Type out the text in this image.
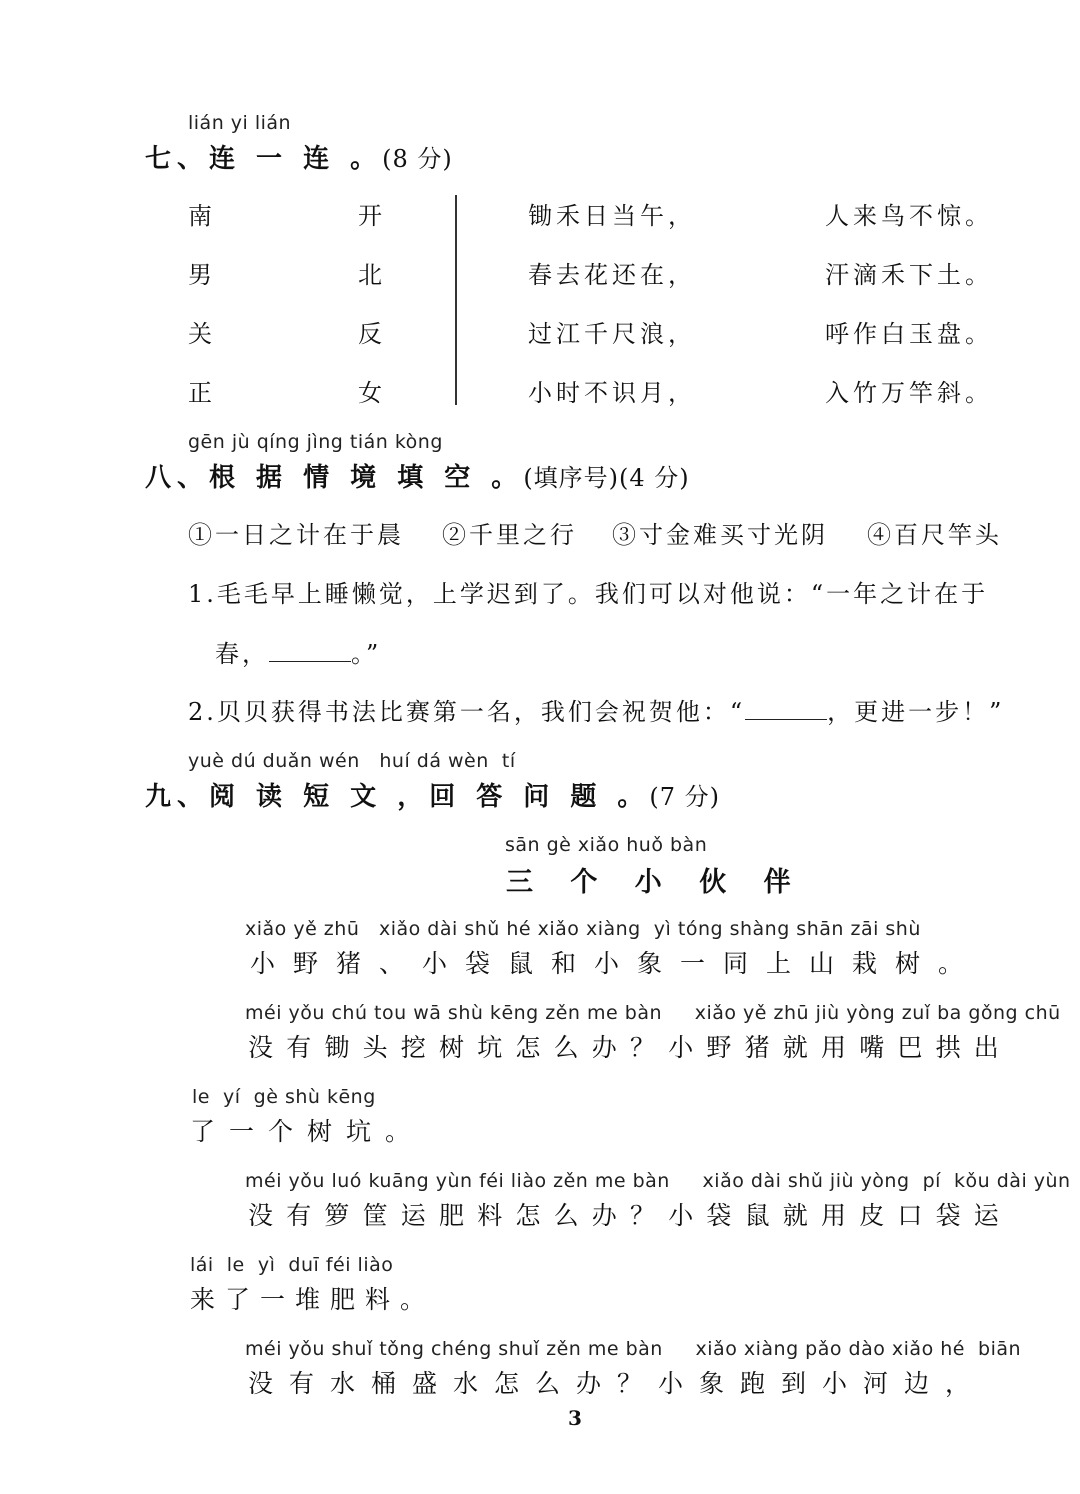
lián yi lián
七、连 一 连 。(8 分)
南
男
关
正
开
北
反
女
锄禾日当午，
春去花还在，
过江千尺浪，
小时不识月，
人来鸟不惊。
汗滴禾下土。
呼作白玉盘。
入竹万竿斜。
gēn jù qíng jìng tián kòng
八、根 据 情 境 填 空 。(填序号)(4 分)
①一日之计在于晨 ②千里之行 ③寸金难买寸光阴 ④百尺竿头
1.毛毛早上睡懒觉，上学迟到了。我们可以对他说：“一年之计在于
春，	。”
2.贝贝获得书法比赛第一名，我们会祝贺他：“	，更进一步！”
yuè dú duǎn wén   huí dá wèn  tí
九、阅 读 短 文 ，回 答 问 题 。(7 分)
sān gè xiǎo huǒ bàn
三 个 小 伙 伴
xiǎo yě zhū   xiǎo dài shǔ hé xiǎo xiàng  yì tóng shàng shān zāi shù
小野猪、小袋鼠和小象一同上山栽树。
méi yǒu chú tou wā shù kēng zěn me bàn     xiǎo yě zhū jiù yòng zuǐ ba gǒng chū
没有锄头挖树坑怎么办？小野猪就用嘴巴拱出
le  yí  gè shù kēng
了一个树坑。
méi yǒu luó kuāng yùn féi liào zěn me bàn     xiǎo dài shǔ jiù yòng  pí  kǒu dài yùn
没有箩筐运肥料怎么办？小袋鼠就用皮口袋运
lái  le  yì  duī féi liào
来了一堆肥料。
méi yǒu shuǐ tǒng chéng shuǐ zěn me bàn     xiǎo xiàng pǎo dào xiǎo hé  biān
没有水桶盛水怎么办？小象跑到小河边，
3
